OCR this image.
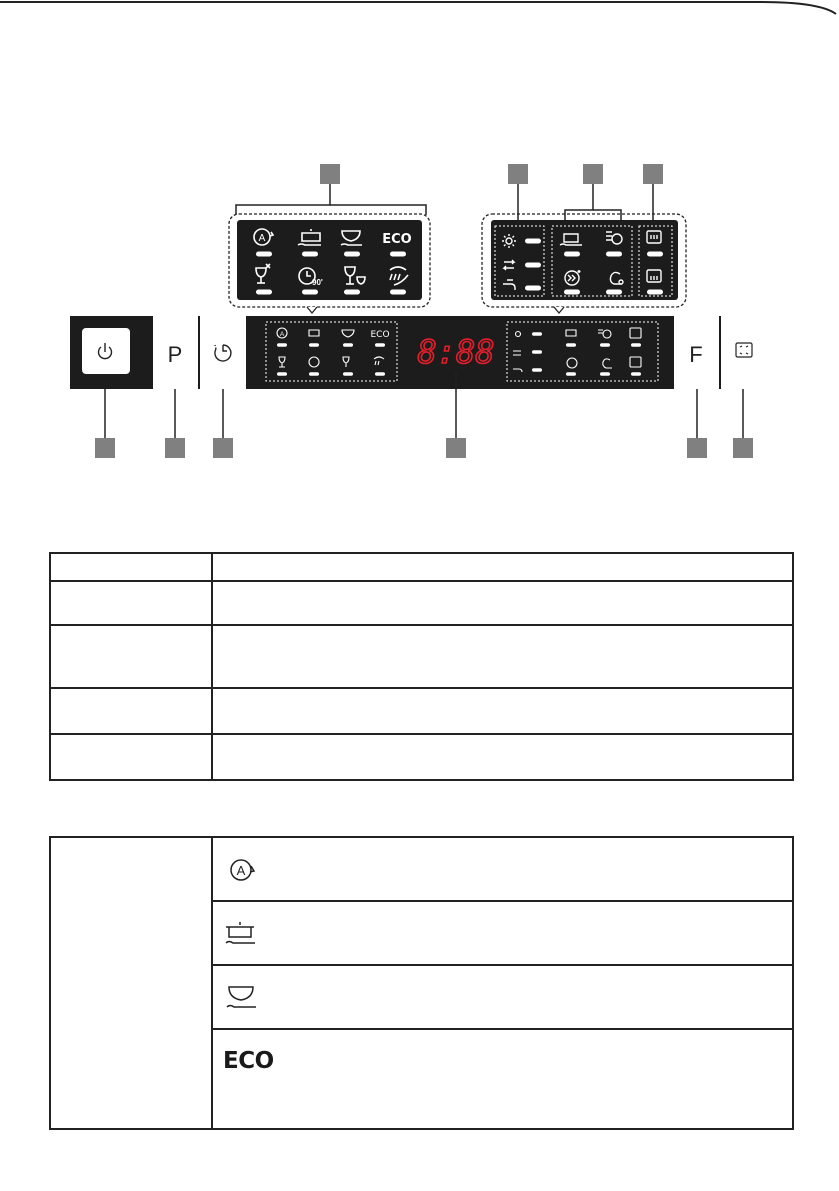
A
90'
ECO
P
A	ECO 8:88	F

A

ECO
